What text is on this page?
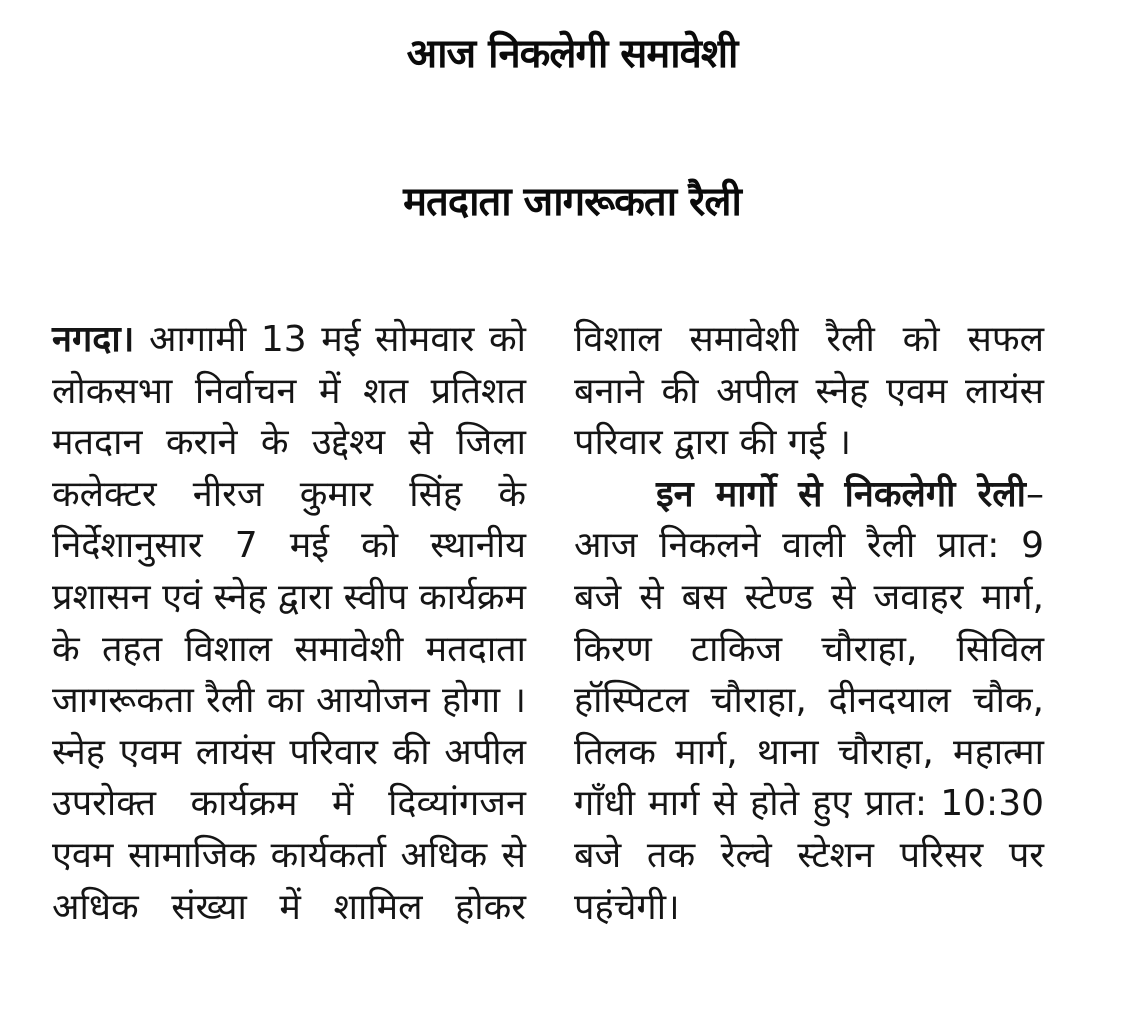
आज निकलेगी समावेशी
मतदाता जागरूकता रैली

नगदा। आगामी 13 मई सोमवार को लोकसभा निर्वाचन में शत प्रतिशत मतदान कराने के उद्देश्य से जिला कलेक्टर नीरज कुमार सिंह के निर्देशानुसार 7 मई को स्थानीय प्रशासन एवं स्नेह द्वारा स्वीप कार्यक्रम के तहत विशाल समावेशी मतदाता जागरूकता रैली का आयोजन होगा । स्नेह एवम लायंस परिवार की अपील उपरोक्त कार्यक्रम में दिव्यांगजन एवम सामाजिक कार्यकर्ता अधिक से अधिक संख्या में शामिल होकर

विशाल समावेशी रैली को सफल बनाने की अपील स्नेह एवम लायंस परिवार द्वारा की गई ।

इन मार्गो से निकलेगी रेली–आज निकलने वाली रैली प्रात: 9 बजे से बस स्टेण्ड से जवाहर मार्ग, किरण टाकिज चौराहा, सिविल हॉस्पिटल चौराहा, दीनदयाल चौक, तिलक मार्ग, थाना चौराहा, महात्मा गाँधी मार्ग से होते हुए प्रात: 10:30 बजे तक रेल्वे स्टेशन परिसर पर पहंचेगी।
